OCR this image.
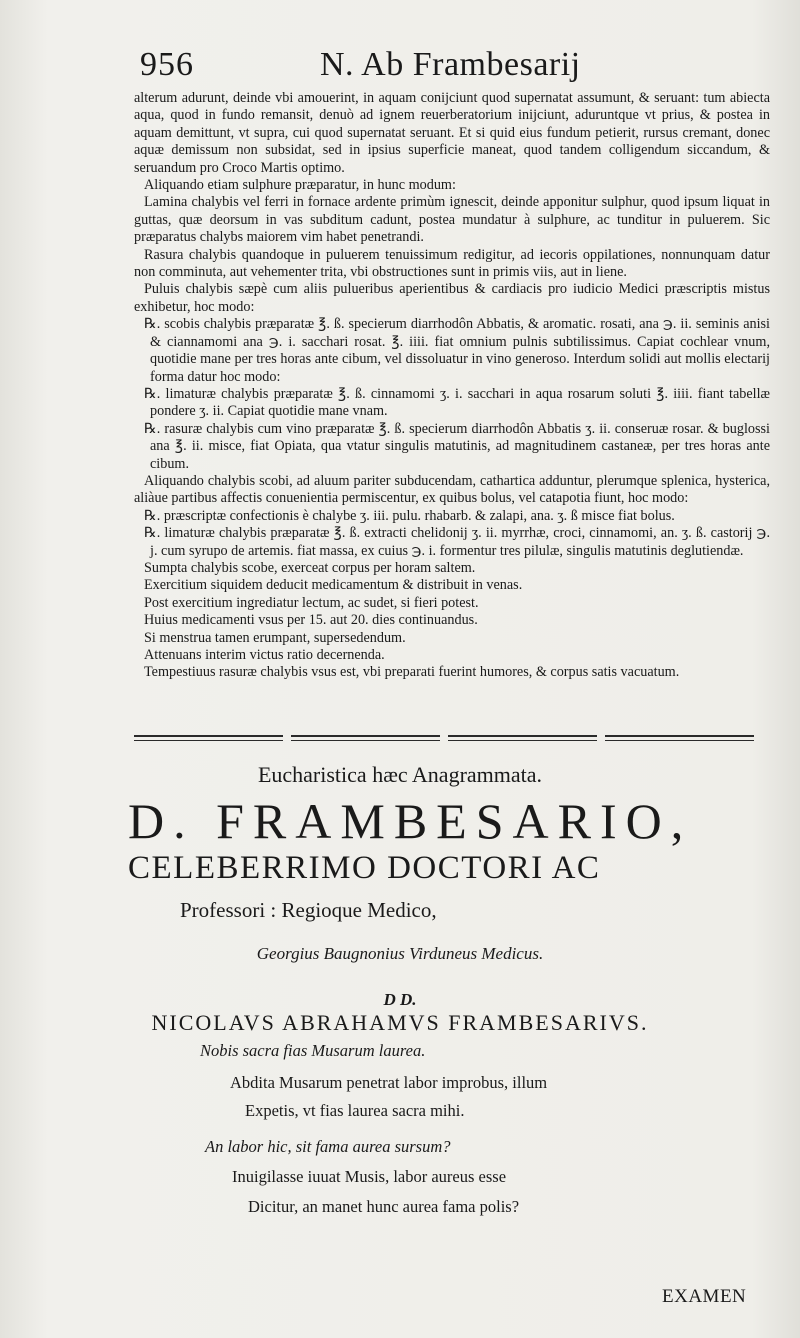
956	N. Ab Frambesarij

alterum adurunt, deinde vbi amouerint, in aquam conijciunt quod supernatat assumunt, & seruant: tum abiecta aqua, quod in fundo remansit, denuò ad ignem reuerberatorium inijciunt, aduruntque vt prius, & postea in aquam demittunt, vt supra, cui quod supernatat seruant. Et si quid eius fundum petierit, rursus cremant, donec aquæ demissum non subsidat, sed in ipsius superficie maneat, quod tandem colligendum siccandum, & seruandum pro Croco Martis optimo.

Aliquando etiam sulphure præparatur, in hunc modum:

Lamina chalybis vel ferri in fornace ardente primùm ignescit, deinde apponitur sulphur, quod ipsum liquat in guttas, quæ deorsum in vas subditum cadunt, postea mundatur à sulphure, ac tunditur in puluerem. Sic præparatus chalybs maiorem vim habet penetrandi.

Rasura chalybis quandoque in puluerem tenuissimum redigitur, ad iecoris oppilationes, nonnunquam datur non comminuta, aut vehementer trita, vbi obstructiones sunt in primis viis, aut in liene.

Puluis chalybis sæpè cum aliis pulueribus aperientibus & cardiacis pro iudicio Medici præscriptis mistus exhibetur, hoc modo:

℞. scobis chalybis præparatæ ℥. ß. specierum diarrhodôn Abbatis, & aromatic. rosati, ana ℈. ii. seminis anisi & ciannamomi ana ℈. i. sacchari rosat. ℥. iiii. fiat omnium pulnis subtilissimus. Capiat cochlear vnum, quotidie mane per tres horas ante cibum, vel dissoluatur in vino generoso. Interdum solidi aut mollis electarij forma datur hoc modo:

℞. limaturæ chalybis præparatæ ℥. ß. cinnamomi ʒ. i. sacchari in aqua rosarum soluti ℥. iiii. fiant tabellæ pondere ʒ. ii. Capiat quotidie mane vnam.

℞. rasuræ chalybis cum vino præparatæ ℥. ß. specierum diarrhodôn Abbatis ʒ. ii. conseruæ rosar. & buglossi ana ℥. ii. misce, fiat Opiata, qua vtatur singulis matutinis, ad magnitudinem castaneæ, per tres horas ante cibum.

Aliquando chalybis scobi, ad aluum pariter subducendam, cathartica adduntur, plerumque splenica, hysterica, aliàue partibus affectis conuenientia permiscentur, ex quibus bolus, vel catapotia fiunt, hoc modo:

℞. præscriptæ confectionis è chalybe ʒ. iii. pulu. rhabarb. & zalapi, ana. ʒ. ß misce fiat bolus.

℞. limaturæ chalybis præparatæ ℥. ß. extracti chelidonij ʒ. ii. myrrhæ, croci, cinnamomi, an. ʒ. ß. castorij ℈. j. cum syrupo de artemis. fiat massa, ex cuius ℈. i. formentur tres pilulæ, singulis matutinis deglutiendæ.

Sumpta chalybis scobe, exerceat corpus per horam saltem.

Exercitium siquidem deducit medicamentum & distribuit in venas.

Post exercitium ingrediatur lectum, ac sudet, si fieri potest.

Huius medicamenti vsus per 15. aut 20. dies continuandus.

Si menstrua tamen erumpant, supersedendum.

Attenuans interim victus ratio decernenda.

Tempestiuus rasuræ chalybis vsus est, vbi preparati fuerint humores, & corpus satis vacuatum.

Eucharistica hæc Anagrammata.
D. FRAMBESARIO,
CELEBERRIMO DOCTORI AC
Professori : Regioque Medico,
Georgius Baugnonius Virduneus Medicus.
D D.
NICOLAVS ABRAHAMVS FRAMBESARIVS.
Nobis sacra fias Musarum laurea.
Abdita Musarum penetrat labor improbus, illum
Expetis, vt fias laurea sacra mihi.
An labor hic, sit fama aurea sursum?
Inuigilasse iuuat Musis, labor aureus esse
Dicitur, an manet hunc aurea fama polis?
EXAMEN
